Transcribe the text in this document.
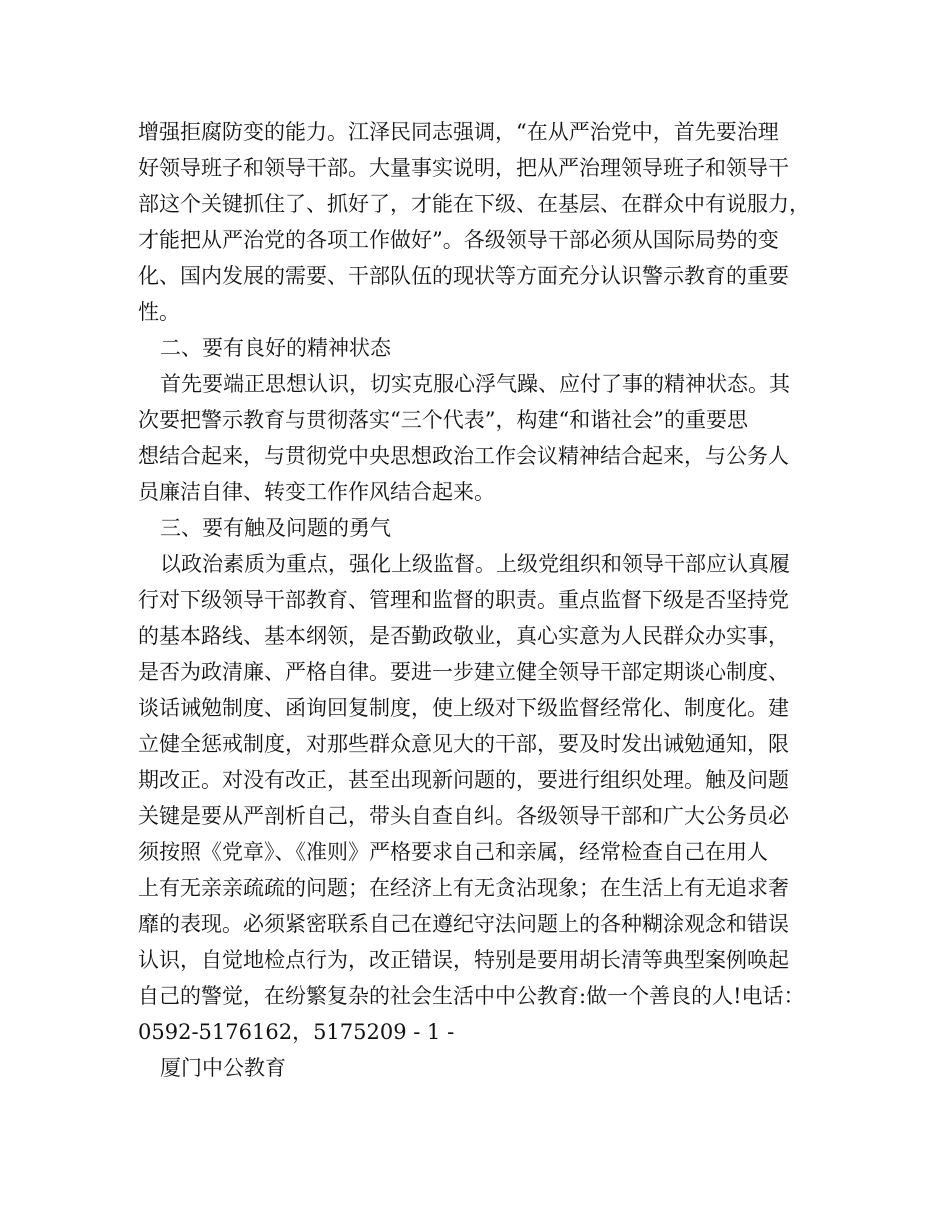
增强拒腐防变的能力。江泽民同志强调，“在从严治党中，首先要治理
好领导班子和领导干部。大量事实说明，把从严治理领导班子和领导干
部这个关键抓住了、抓好了，才能在下级、在基层、在群众中有说服力，
才能把从严治党的各项工作做好”。各级领导干部必须从国际局势的变
化、国内发展的需要、干部队伍的现状等方面充分认识警示教育的重要
性。
二、要有良好的精神状态
首先要端正思想认识，切实克服心浮气躁、应付了事的精神状态。其
次要把警示教育与贯彻落实“三个代表”，构建“和谐社会”的重要思
想结合起来，与贯彻党中央思想政治工作会议精神结合起来，与公务人
员廉洁自律、转变工作作风结合起来。
三、要有触及问题的勇气
以政治素质为重点，强化上级监督。上级党组织和领导干部应认真履
行对下级领导干部教育、管理和监督的职责。重点监督下级是否坚持党
的基本路线、基本纲领，是否勤政敬业，真心实意为人民群众办实事，
是否为政清廉、严格自律。要进一步建立健全领导干部定期谈心制度、
谈话诫勉制度、函询回复制度，使上级对下级监督经常化、制度化。建
立健全惩戒制度，对那些群众意见大的干部，要及时发出诫勉通知，限
期改正。对没有改正，甚至出现新问题的，要进行组织处理。触及问题
关键是要从严剖析自己，带头自查自纠。各级领导干部和广大公务员必
须按照《党章》、《准则》严格要求自己和亲属，经常检查自己在用人
上有无亲亲疏疏的问题；在经济上有无贪沾现象；在生活上有无追求奢
靡的表现。必须紧密联系自己在遵纪守法问题上的各种糊涂观念和错误
认识，自觉地检点行为，改正错误，特别是要用胡长清等典型案例唤起
自己的警觉，在纷繁复杂的社会生活中中公教育:做一个善良的人!电话：
0592-5176162，5175209 - 1 -
厦门中公教育
